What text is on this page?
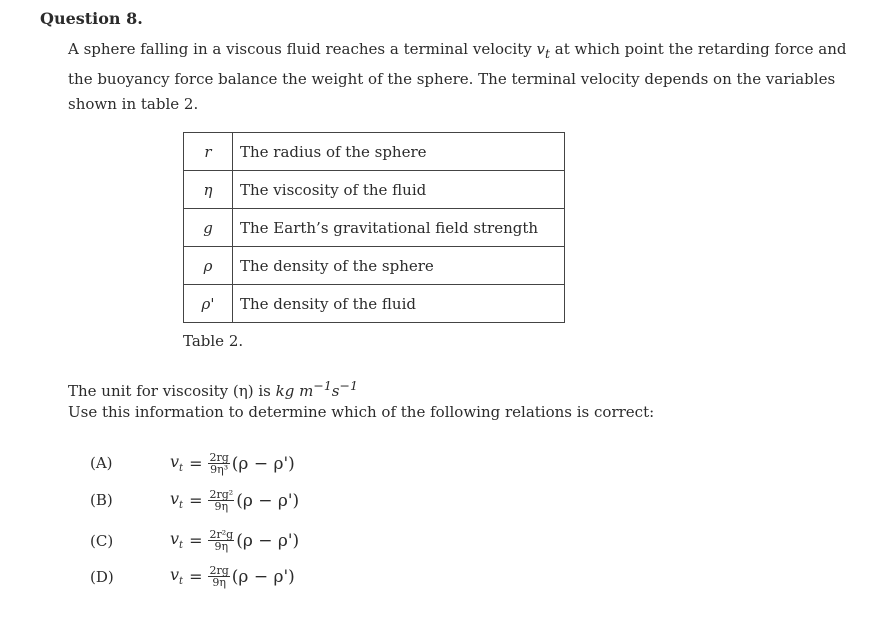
Question 8.
A sphere falling in a viscous fluid reaches a terminal velocity $v_t$ at which point the retarding force and the buoyancy force balance the weight of the sphere. The terminal velocity depends on the variables shown in table 2.
r	The radius of the sphere
η	The viscosity of the fluid
g	The Earth’s gravitational field strength
ρ	The density of the sphere
ρ'	The density of the fluid
Table 2.
The unit for viscosity (η) is kg $m^{-1}s^{-1}$
Use this information to determine which of the following relations is correct:
(A)	$v_t = \frac{2rg}{\text{9η³}} (\rho - \rho')$
(B)	$v_t = \frac{\text{2rg²}}{9\eta} (\rho - \rho')$
(C)	$v_t = \frac{\text{2r²g}}{9\eta} (\rho - \rho')$
(D)	$v_t = \frac{2rg}{9\eta} (\rho - \rho')$
